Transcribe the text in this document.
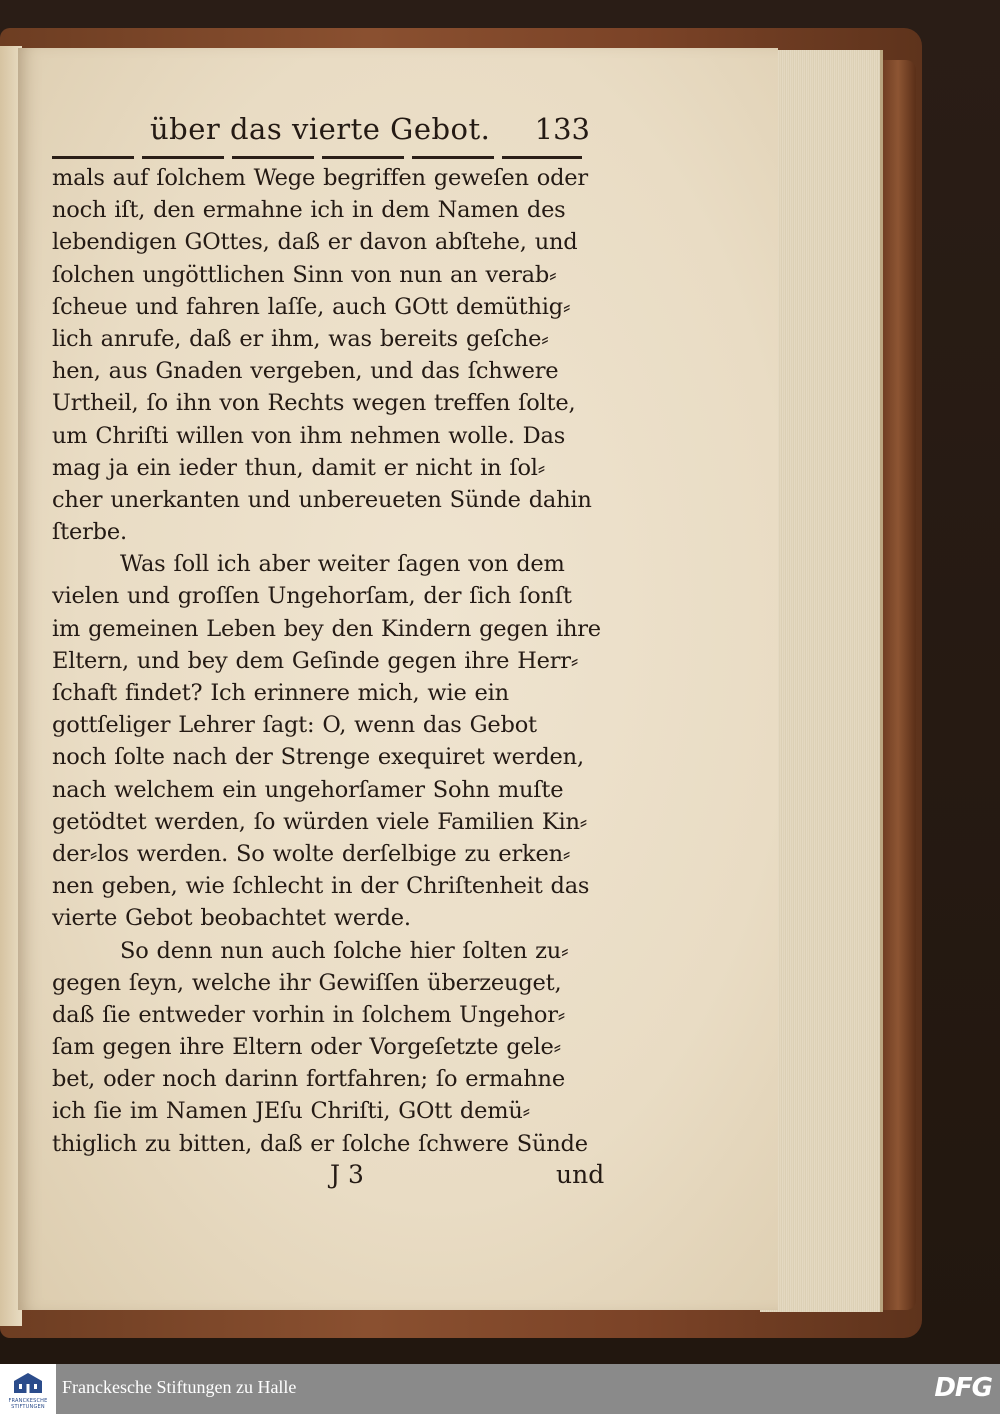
über das vierte Gebot. 133
mals auf ſolchem Wege begriffen geweſen oder
noch iſt, den ermahne ich in dem Namen des
lebendigen GOttes, daß er davon abſtehe, und
ſolchen ungöttlichen Sinn von nun an verab⸗
ſcheue und fahren laſſe, auch GOtt demüthig⸗
lich anrufe, daß er ihm, was bereits geſche⸗
hen, aus Gnaden vergeben, und das ſchwere
Urtheil, ſo ihn von Rechts wegen treffen ſolte,
um Chriſti willen von ihm nehmen wolle. Das
mag ja ein ieder thun, damit er nicht in ſol⸗
cher unerkanten und unbereueten Sünde dahin
ſterbe.
Was ſoll ich aber weiter ſagen von dem
vielen und groſſen Ungehorſam, der ſich ſonſt
im gemeinen Leben bey den Kindern gegen ihre
Eltern, und bey dem Geſinde gegen ihre Herr⸗
ſchaft findet? Ich erinnere mich, wie ein
gottſeliger Lehrer ſagt: O, wenn das Gebot
noch ſolte nach der Strenge exequiret werden,
nach welchem ein ungehorſamer Sohn muſte
getödtet werden, ſo würden viele Familien Kin⸗
der⸗los werden. So wolte derſelbige zu erken⸗
nen geben, wie ſchlecht in der Chriſtenheit das
vierte Gebot beobachtet werde.
So denn nun auch ſolche hier ſolten zu⸗
gegen ſeyn, welche ihr Gewiſſen überzeuget,
daß ſie entweder vorhin in ſolchem Ungehor⸗
ſam gegen ihre Eltern oder Vorgeſetzte gele⸗
bet, oder noch darinn fortfahren; ſo ermahne
ich ſie im Namen JEſu Chriſti, GOtt demü⸗
thiglich zu bitten, daß er ſolche ſchwere Sünde
J 3	und
FRANCKESCHE STIFTUNGEN
Franckesche Stiftungen zu Halle	DFG
